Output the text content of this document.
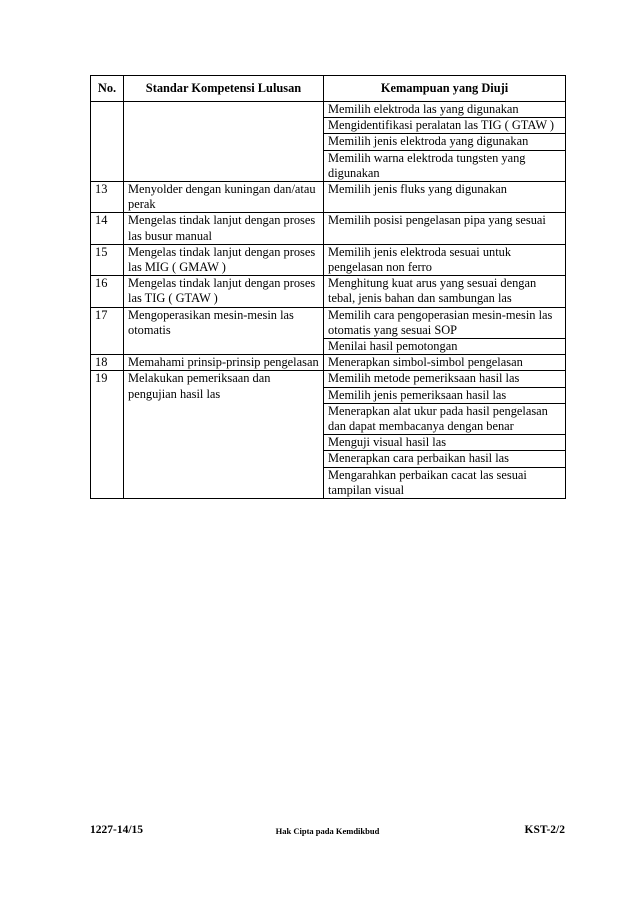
No.	Standar Kompetensi Lulusan	Kemampuan yang Diuji
		Memilih elektroda las yang digunakan
		Mengidentifikasi peralatan las TIG ( GTAW )
		Memilih jenis elektroda yang digunakan
		Memilih warna elektroda tungsten yang digunakan
13	Menyolder dengan kuningan dan/atau perak	Memilih jenis fluks yang digunakan
14	Mengelas tindak lanjut dengan proses las busur manual	Memilih posisi pengelasan pipa yang sesuai
15	Mengelas tindak lanjut dengan proses las MIG ( GMAW )	Memilih jenis elektroda sesuai untuk pengelasan non ferro
16	Mengelas tindak lanjut dengan proses las TIG ( GTAW )	Menghitung kuat arus yang sesuai dengan tebal, jenis bahan dan sambungan las
17	Mengoperasikan mesin-mesin las otomatis	Memilih cara pengoperasian mesin-mesin las otomatis yang sesuai SOP
		Menilai hasil pemotongan
18	Memahami prinsip-prinsip pengelasan	Menerapkan simbol-simbol pengelasan
19	Melakukan pemeriksaan dan pengujian hasil las	Memilih metode pemeriksaan hasil las
		Memilih jenis pemeriksaan hasil las
		Menerapkan alat ukur pada hasil pengelasan dan dapat membacanya dengan benar
		Menguji visual hasil las
		Menerapkan cara perbaikan hasil las
		Mengarahkan perbaikan cacat las sesuai tampilan visual
1227-14/15	Hak Cipta pada Kemdikbud	KST-2/2
